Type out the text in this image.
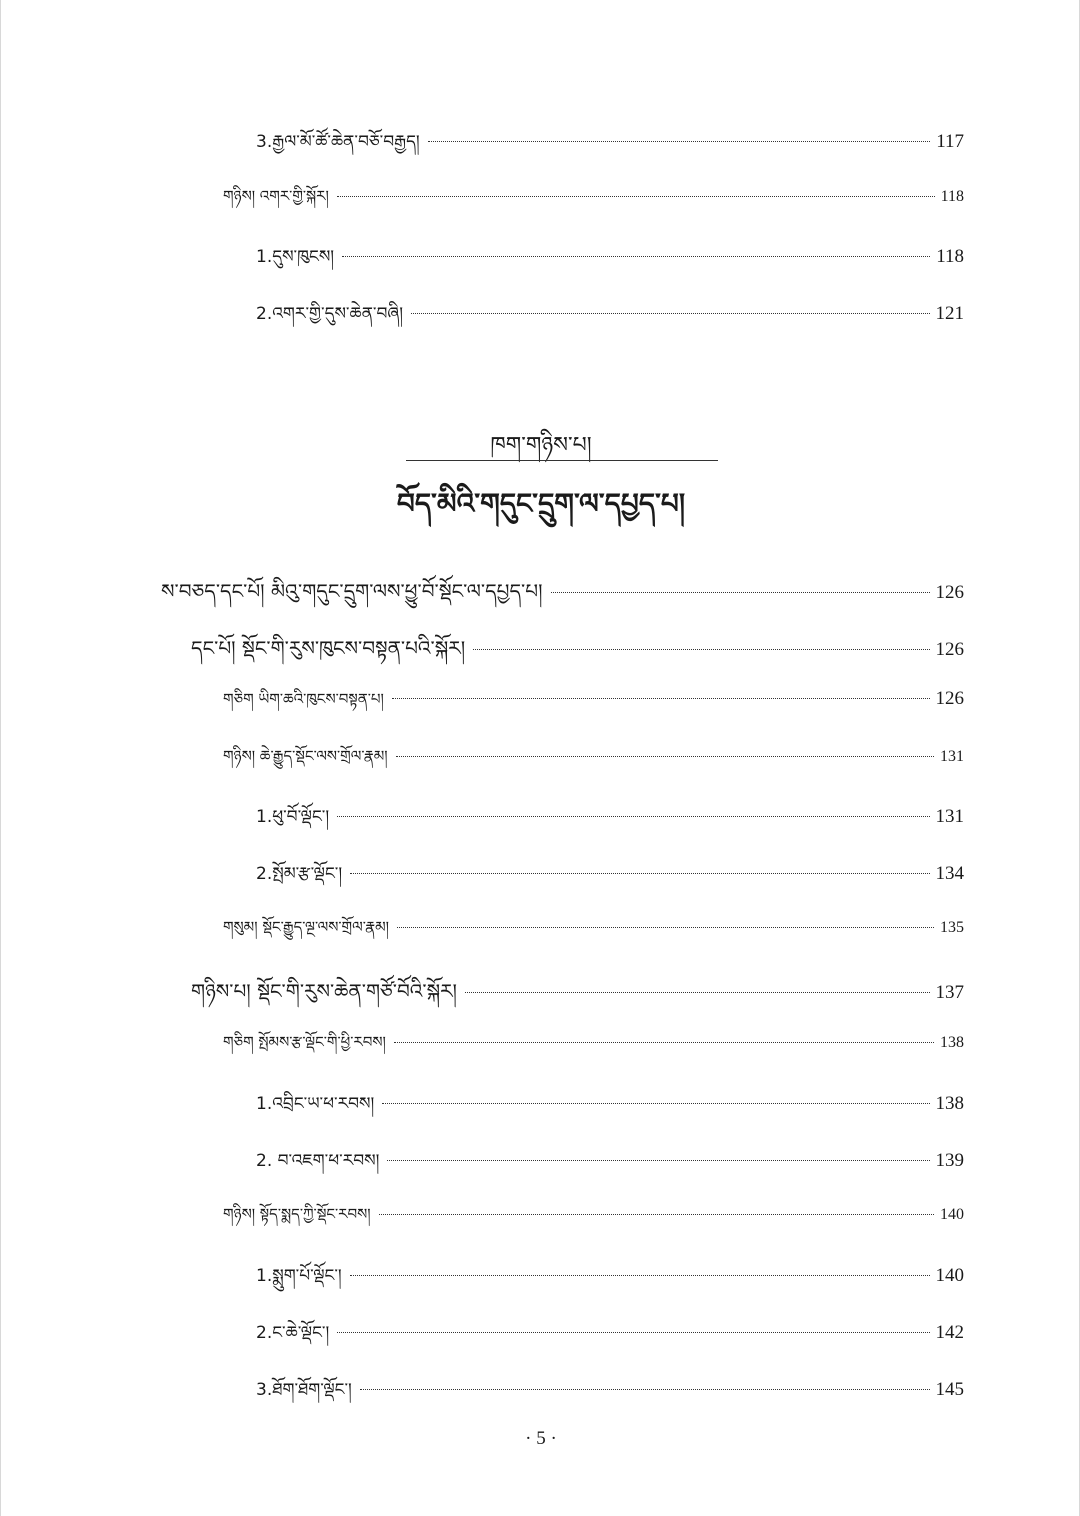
3.རྒྱལ་མོ་ཚོ་ཆེན་བཅོ་བརྒྱད།	117
གཉིས། འགར་གྱི་སྐོར།	118
1.དུས་ཁུངས།	118
2.འགར་གྱི་དུས་ཆེན་བཞི།	121
ཁག་གཉིས་པ།
བོད་མིའི་གདུང་དྲུག་ལ་དཔྱད་པ།
ས་བཅད་དང་པོ། མིའུ་གདུང་དྲུག་ལས་ཕྱུ་བོ་སྡོང་ལ་དཔྱད་པ།	126
དང་པོ། སྡོང་གི་རུས་ཁུངས་བསྟན་པའི་སྐོར།	126
གཅིག ཡིག་ཆའི་ཁུངས་བསྟན་པ།	126
གཉིས། ཆེ་རྒྱུད་སྡོང་ལས་གྲོལ་རྣམ།	131
1.ཕུ་བོ་ལྡོང་།	131
2.སྤོམ་རྩ་ལྡོང་།	134
གསུམ། སྡོང་རྒྱུད་ལྔ་ལས་གྲོལ་རྣམ།	135
གཉིས་པ། སྡོང་གི་རུས་ཆེན་གཙོ་བོའི་སྐོར།	137
གཅིག སྤོམས་རྩ་ལྡོང་གི་ཕྱི་རབས།	138
1.འབྲིང་ཡ་ཕ་རབས།	138
2. བ་འཇག་ཕ་རབས།	139
གཉིས། སྟོད་སྨད་ཀྱི་སྡོང་རབས།	140
1.སྨུག་པོ་ལྡོང་།	140
2.ང་ཆེ་ལྡོང་།	142
3.ཐོག་ཐོག་ལྡོང་།	145
· 5 ·
